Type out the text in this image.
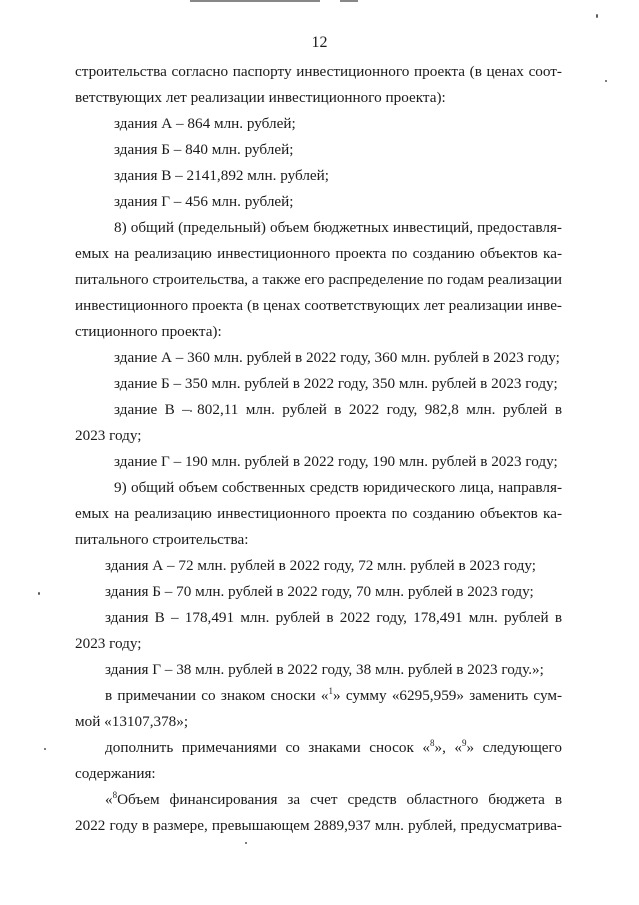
12
строительства согласно паспорту инвестиционного проекта (в ценах соот-
ветствующих лет реализации инвестиционного проекта):
здания А – 864 млн. рублей;
здания Б – 840 млн. рублей;
здания В – 2141,892 млн. рублей;
здания Г – 456 млн. рублей;
8) общий (предельный) объем бюджетных инвестиций, предоставля-
емых на реализацию инвестиционного проекта по созданию объектов ка-
питального строительства, а также его распределение по годам реализации
инвестиционного проекта (в ценах соответствующих лет реализации инве-
стиционного проекта):
здание А – 360 млн. рублей в 2022 году, 360 млн. рублей в 2023 году;
здание Б – 350 млн. рублей в 2022 году, 350 млн. рублей в 2023 году;
здание В – 802,11 млн. рублей в 2022 году, 982,8 млн. рублей в
2023 году;
здание Г – 190 млн. рублей в 2022 году, 190 млн. рублей в 2023 году;
9) общий объем собственных средств юридического лица, направля-
емых на реализацию инвестиционного проекта по созданию объектов ка-
питального строительства:
здания А – 72 млн. рублей в 2022 году, 72 млн. рублей в 2023 году;
здания Б – 70 млн. рублей в 2022 году, 70 млн. рублей в 2023 году;
здания В – 178,491 млн. рублей в 2022 году, 178,491 млн. рублей в
2023 году;
здания Г – 38 млн. рублей в 2022 году, 38 млн. рублей в 2023 году.»;
в примечании со знаком сноски «$^1$» сумму «6295,959» заменить сум-
мой «13107,378»;
дополнить примечаниями со знаками сносок «$^8$», «$^9$» следующего
содержания:
«$^8$Объем финансирования за счет средств областного бюджета в
2022 году в размере, превышающем 2889,937 млн. рублей, предусматрива-
